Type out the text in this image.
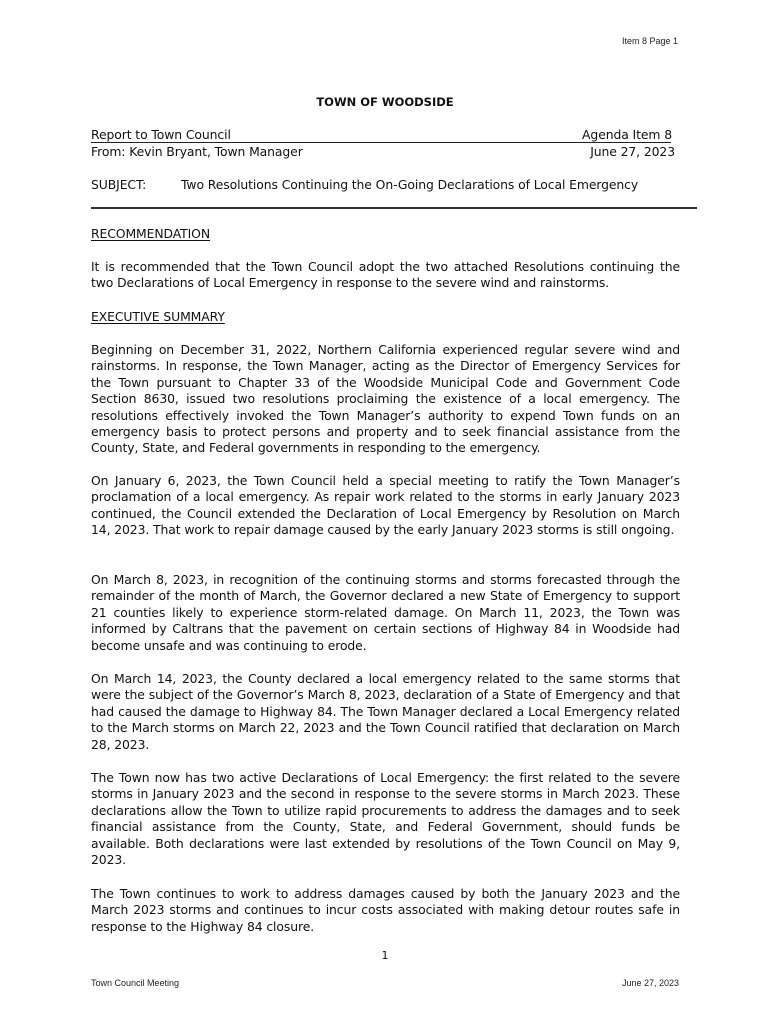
Item 8 Page 1
TOWN OF WOODSIDE
Report to Town Council	Agenda Item 8
From: Kevin Bryant, Town Manager	June 27, 2023
SUBJECT:	Two Resolutions Continuing the On-Going Declarations of Local Emergency
RECOMMENDATION

It is recommended that the Town Council adopt the two attached Resolutions continuing the two Declarations of Local Emergency in response to the severe wind and rainstorms.

EXECUTIVE SUMMARY

Beginning on December 31, 2022, Northern California experienced regular severe wind and rainstorms. In response, the Town Manager, acting as the Director of Emergency Services for the Town pursuant to Chapter 33 of the Woodside Municipal Code and Government Code Section 8630, issued two resolutions proclaiming the existence of a local emergency. The resolutions effectively invoked the Town Manager’s authority to expend Town funds on an emergency basis to protect persons and property and to seek financial assistance from the County, State, and Federal governments in responding to the emergency.

On January 6, 2023, the Town Council held a special meeting to ratify the Town Manager’s proclamation of a local emergency. As repair work related to the storms in early January 2023 continued, the Council extended the Declaration of Local Emergency by Resolution on March 14, 2023. That work to repair damage caused by the early January 2023 storms is still ongoing.

On March 8, 2023, in recognition of the continuing storms and storms forecasted through the remainder of the month of March, the Governor declared a new State of Emergency to support 21 counties likely to experience storm-related damage. On March 11, 2023, the Town was informed by Caltrans that the pavement on certain sections of Highway 84 in Woodside had become unsafe and was continuing to erode.

On March 14, 2023, the County declared a local emergency related to the same storms that were the subject of the Governor’s March 8, 2023, declaration of a State of Emergency and that had caused the damage to Highway 84. The Town Manager declared a Local Emergency related to the March storms on March 22, 2023 and the Town Council ratified that declaration on March 28, 2023.

The Town now has two active Declarations of Local Emergency: the first related to the severe storms in January 2023 and the second in response to the severe storms in March 2023. These declarations allow the Town to utilize rapid procurements to address the damages and to seek financial assistance from the County, State, and Federal Government, should funds be available. Both declarations were last extended by resolutions of the Town Council on May 9, 2023.

The Town continues to work to address damages caused by both the January 2023 and the March 2023 storms and continues to incur costs associated with making detour routes safe in response to the Highway 84 closure.

1
Town Council Meeting	June 27, 2023
